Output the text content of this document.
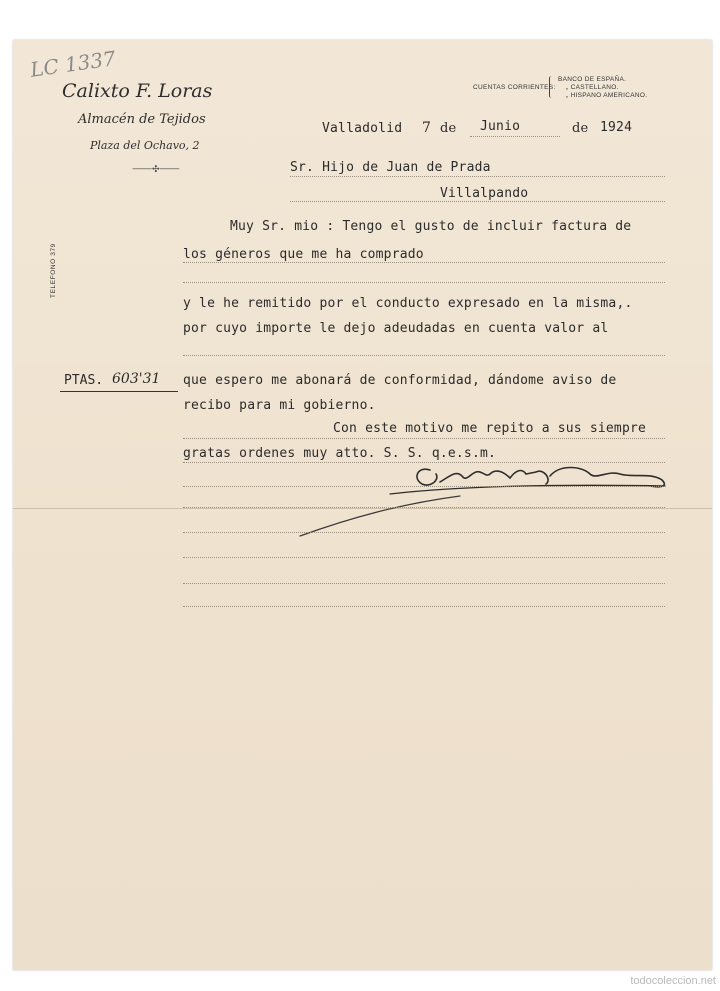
LC 1337
Calixto F. Loras
Almacén de Tejidos
Plaza del Ochavo, 2
⸺✣⸺
TELEFONO 379
CUENTAS CORRIENTES:
BANCO DE ESPAÑA.
„ CASTELLANO.
„ HISPANO AMERICANO.
Valladolid 7 de Junio	de 1924
Sr. Hijo de Juan de Prada
Villalpando
Muy Sr. mio : Tengo el gusto de incluir factura de
los géneros que me ha comprado
y le he remitido por el conducto expresado en la misma,.
por cuyo importe le dejo adeudadas en cuenta valor al
PTAS. 603'31 que espero me abonará de conformidad, dándome aviso de
recibo para mi gobierno.
Con este motivo me repito a sus siempre
gratas ordenes muy atto. S. S. q.e.s.m.
todocoleccion.net
